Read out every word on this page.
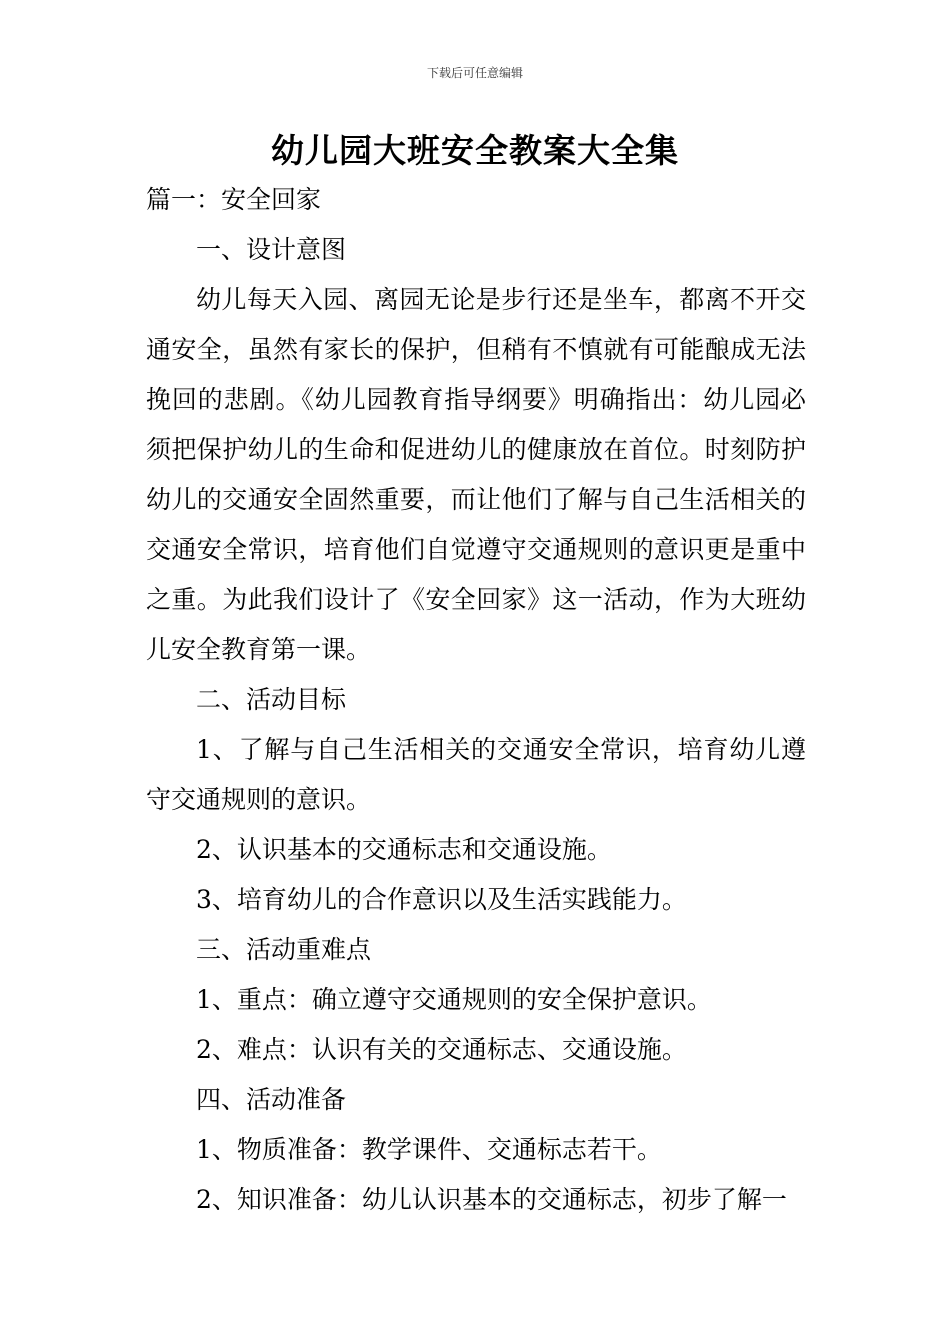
下载后可任意编辑
幼儿园大班安全教案大全集

篇一：安全回家

一、设计意图

幼儿每天入园、离园无论是步行还是坐车，都离不开交通安全，虽然有家长的保护，但稍有不慎就有可能酿成无法挽回的悲剧。《幼儿园教育指导纲要》明确指出：幼儿园必须把保护幼儿的生命和促进幼儿的健康放在首位。时刻防护幼儿的交通安全固然重要，而让他们了解与自己生活相关的交通安全常识，培育他们自觉遵守交通规则的意识更是重中之重。为此我们设计了《安全回家》这一活动，作为大班幼儿安全教育第一课。

二、活动目标

1、了解与自己生活相关的交通安全常识，培育幼儿遵守交通规则的意识。

2、认识基本的交通标志和交通设施。

3、培育幼儿的合作意识以及生活实践能力。

三、活动重难点

1、重点：确立遵守交通规则的安全保护意识。

2、难点：认识有关的交通标志、交通设施。

四、活动准备

1、物质准备：教学课件、交通标志若干。

2、知识准备：幼儿认识基本的交通标志，初步了解一
